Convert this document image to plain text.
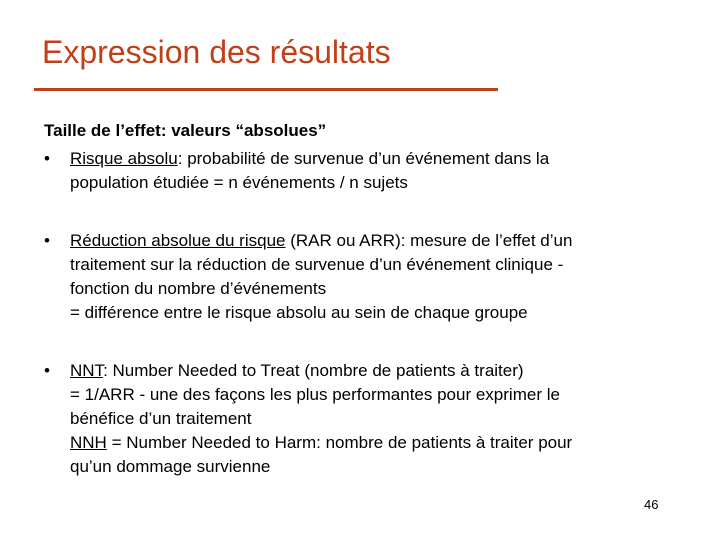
Expression des résultats
Taille de l’effet: valeurs “absolues”
•	Risque absolu: probabilité de survenue d’un événement dans la
population étudiée = n événements / n sujets
•	Réduction absolue du risque (RAR ou ARR): mesure de l’effet d’un
traitement sur la réduction de survenue d’un événement clinique -
fonction du nombre d’événements
= différence entre le risque absolu au sein de chaque groupe
•	NNT: Number Needed to Treat (nombre de patients à traiter)
= 1/ARR - une des façons les plus performantes pour exprimer le
bénéfice d’un traitement
NNH = Number Needed to Harm: nombre de patients à traiter pour
qu’un dommage survienne
46
